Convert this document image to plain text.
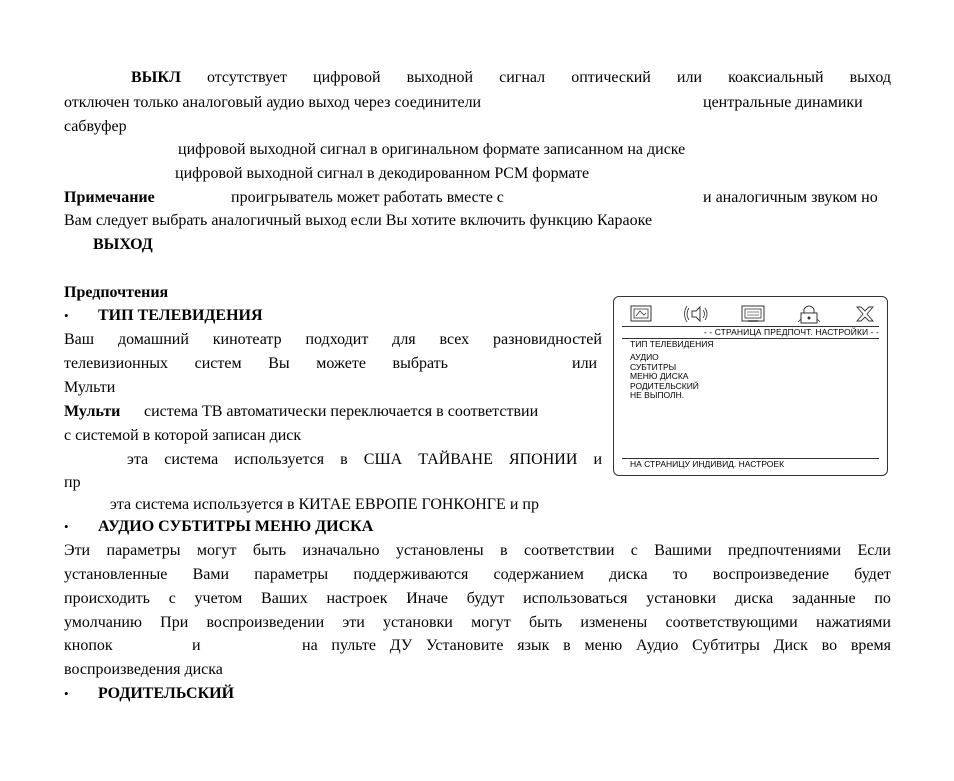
ВЫКЛ отсутствует цифровой выходной сигнал оптический или коаксиальный выход
отключен только аналоговый аудио выход через соединители	центральные динамики
сабвуфер
цифровой выходной сигнал в оригинальном формате записанном на диске
цифровой выходной сигнал в декодированном PCM формате
Примечание	проигрыватель может работать вместе с	и аналогичным звуком но
Вам следует выбрать аналогичный выход если Вы хотите включить функцию Караоке
ВЫХОД
Предпочтения
• ТИП ТЕЛЕВИДЕНИЯ
Ваш домашний кинотеатр подходит для всех разновидностей
телевизионных систем Вы можете выбрать	или
Мульти
Мульти система ТВ автоматически переключается в соответствии
с системой в которой записан диск
эта система используется в США ТАЙВАНЕ ЯПОНИИ и
пр
эта система используется в КИТАЕ ЕВРОПЕ ГОНКОНГЕ и пр
• АУДИО СУБТИТРЫ МЕНЮ ДИСКА
Эти параметры могут быть изначально установлены в соответствии с Вашими предпочтениями Если
установленные Вами параметры поддерживаются содержанием диска то воспроизведение будет
происходить с учетом Ваших настроек Иначе будут использоваться установки диска заданные по
умолчанию При воспроизведении эти установки могут быть изменены соответствующими нажатиями
кнопок	и	на пульте ДУ Установите язык в меню Аудио Субтитры Диск во время
воспроизведения диска
• РОДИТЕЛЬСКИЙ
- - СТРАНИЦА ПРЕДПОЧТ. НАСТРОЙКИ - -
ТИП ТЕЛЕВИДЕНИЯ
АУДИО
СУБТИТРЫ
МЕНЮ ДИСКА
РОДИТЕЛЬСКИЙ
НЕ ВЫПОЛН.
НА СТРАНИЦУ ИНДИВИД. НАСТРОЕК
